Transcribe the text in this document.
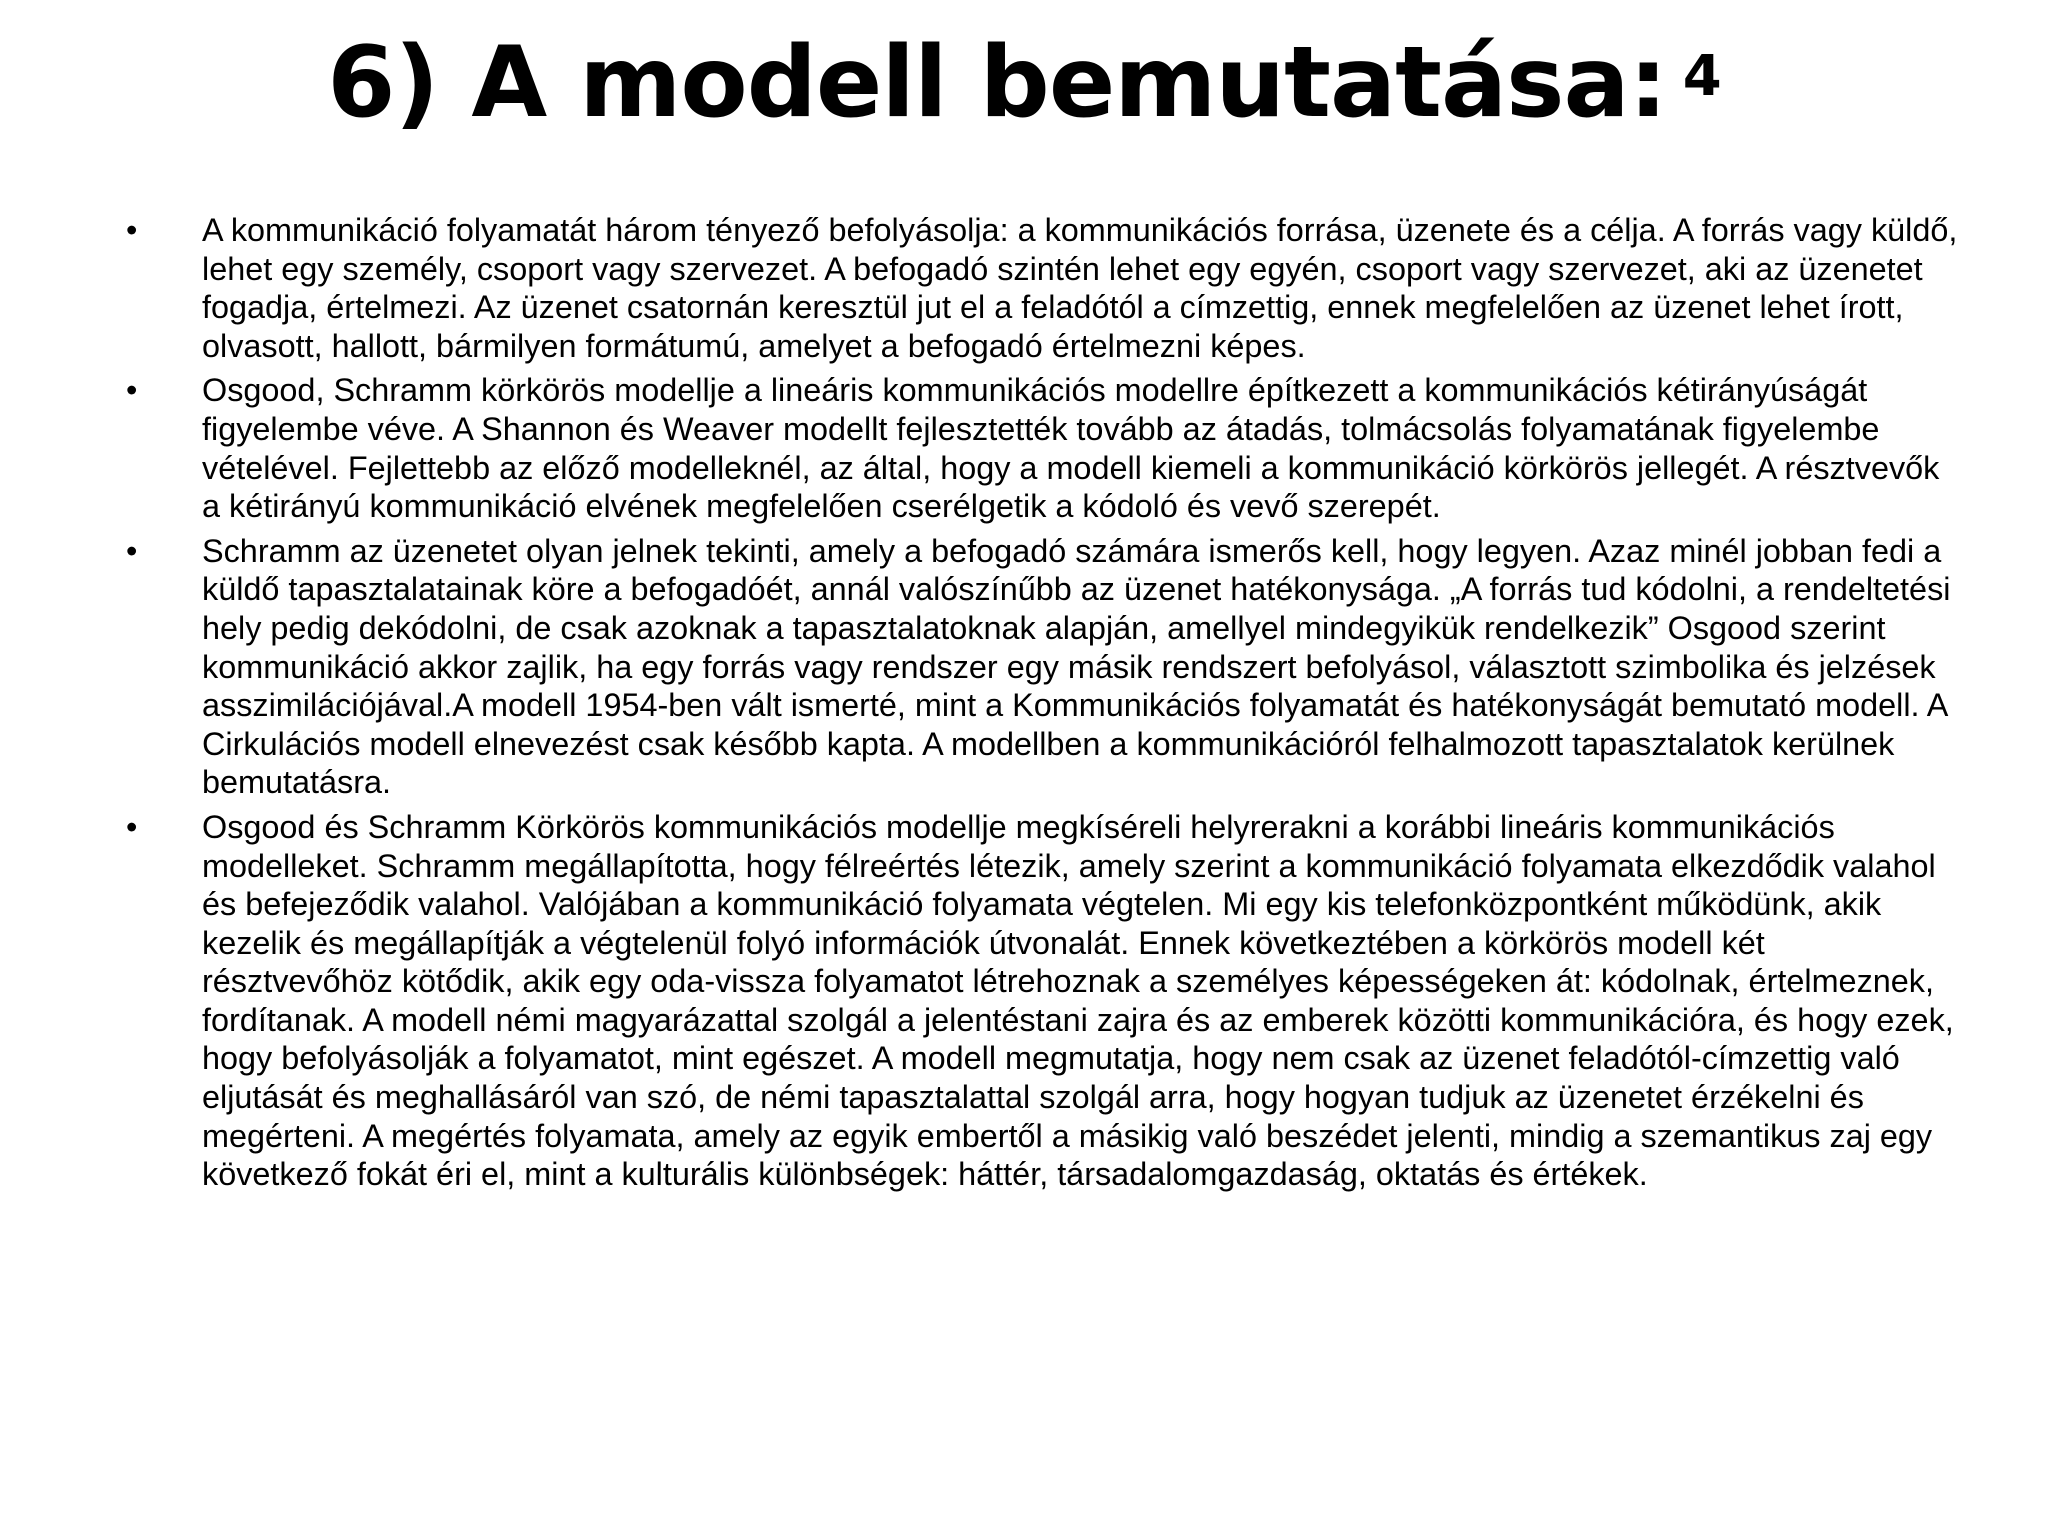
6) A modell bemutatása: $^4$
• A kommunikáció folyamatát három tényező befolyásolja: a kommunikációs forrása, üzenete és a célja. A forrás vagy küldő, lehet egy személy, csoport vagy szervezet. A befogadó szintén lehet egy egyén, csoport vagy szervezet, aki az üzenetet fogadja, értelmezi. Az üzenet csatornán keresztül jut el a feladótól a címzettig, ennek megfelelően az üzenet lehet írott, olvasott, hallott, bármilyen formátumú, amelyet a befogadó értelmezni képes.
• Osgood, Schramm körkörös modellje a lineáris kommunikációs modellre építkezett a kommunikációs kétirányúságát figyelembe véve. A Shannon és Weaver modellt fejlesztették tovább az átadás, tolmácsolás folyamatának figyelembe vételével. Fejlettebb az előző modelleknél, az által, hogy a modell kiemeli a kommunikáció körkörös jellegét. A résztvevők a kétirányú kommunikáció elvének megfelelően cserélgetik a kódoló és vevő szerepét.
• Schramm az üzenetet olyan jelnek tekinti, amely a befogadó számára ismerős kell, hogy legyen. Azaz minél jobban fedi a küldő tapasztalatainak köre a befogadóét, annál valószínűbb az üzenet hatékonysága. „A forrás tud kódolni, a rendeltetési hely pedig dekódolni, de csak azoknak a tapasztalatoknak alapján, amellyel mindegyikük rendelkezik” Osgood szerint kommunikáció akkor zajlik, ha egy forrás vagy rendszer egy másik rendszert befolyásol, választott szimbolika és jelzések asszimilációjával.A modell 1954-ben vált ismerté, mint a Kommunikációs folyamatát és hatékonyságát bemutató modell. A Cirkulációs modell elnevezést csak később kapta. A modellben a kommunikációról felhalmozott tapasztalatok kerülnek bemutatásra.
• Osgood és Schramm Körkörös kommunikációs modellje megkíséreli helyrerakni a korábbi lineáris kommunikációs modelleket. Schramm megállapította, hogy félreértés létezik, amely szerint a kommunikáció folyamata elkezdődik valahol és befejeződik valahol. Valójában a kommunikáció folyamata végtelen. Mi egy kis telefonközpontként működünk, akik kezelik és megállapítják a végtelenül folyó információk útvonalát. Ennek következtében a körkörös modell két résztvevőhöz kötődik, akik egy oda-vissza folyamatot létrehoznak a személyes képességeken át: kódolnak, értelmeznek, fordítanak. A modell némi magyarázattal szolgál a jelentéstani zajra és az emberek közötti kommunikációra, és hogy ezek, hogy befolyásolják a folyamatot, mint egészet. A modell megmutatja, hogy nem csak az üzenet feladótól-címzettig való eljutását és meghallásáról van szó, de némi tapasztalattal szolgál arra, hogy hogyan tudjuk az üzenetet érzékelni és megérteni. A megértés folyamata, amely az egyik embertől a másikig való beszédet jelenti, mindig a szemantikus zaj egy következő fokát éri el, mint a kulturális különbségek: háttér, társadalomgazdaság, oktatás és értékek.
